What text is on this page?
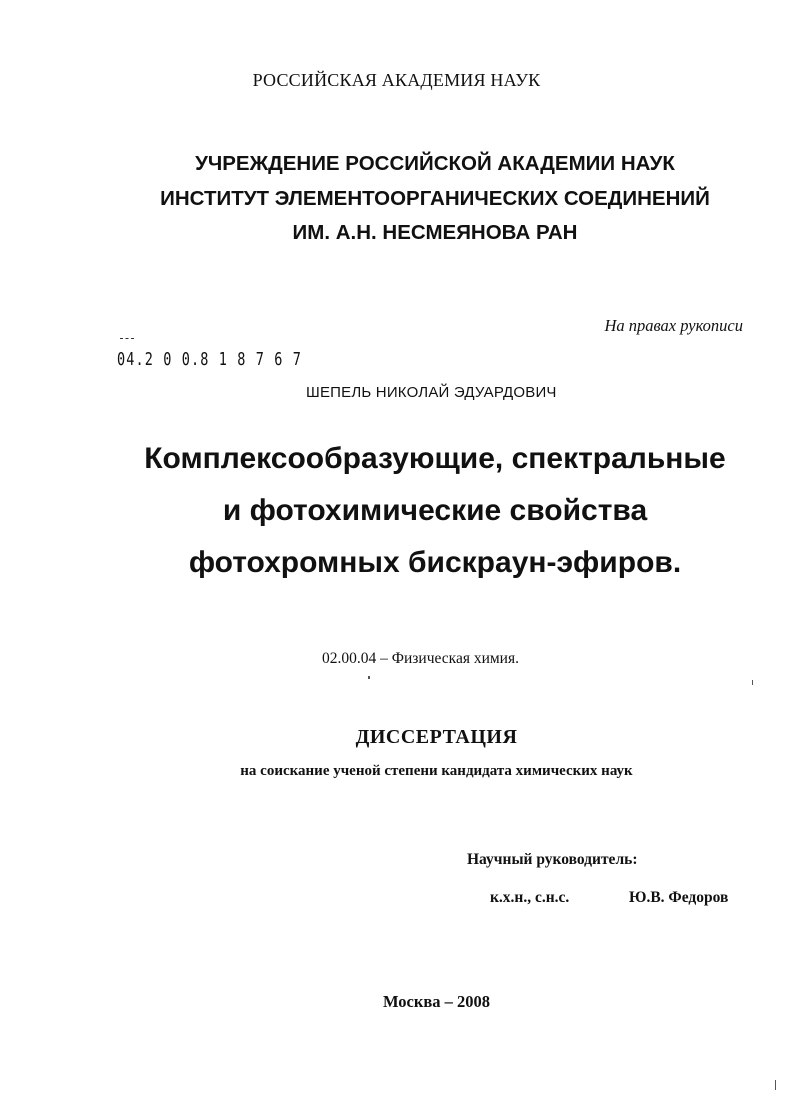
РОССИЙСКАЯ АКАДЕМИЯ НАУК
УЧРЕЖДЕНИЕ РОССИЙСКОЙ АКАДЕМИИ НАУК
ИНСТИТУТ ЭЛЕМЕНТООРГАНИЧЕСКИХ СОЕДИНЕНИЙ
ИМ. А.Н. НЕСМЕЯНОВА РАН
На правах рукописи
04.2 0 0.8 1 8 7 6 7
ШЕПЕЛЬ НИКОЛАЙ ЭДУАРДОВИЧ
Комплексообразующие, спектральные
и фотохимические свойства
фотохромных бискраун-эфиров.
02.00.04 – Физическая химия.
ДИССЕРТАЦИЯ
на соискание ученой степени кандидата химических наук
Научный руководитель:
к.х.н., с.н.с.	Ю.В. Федоров
Москва – 2008
